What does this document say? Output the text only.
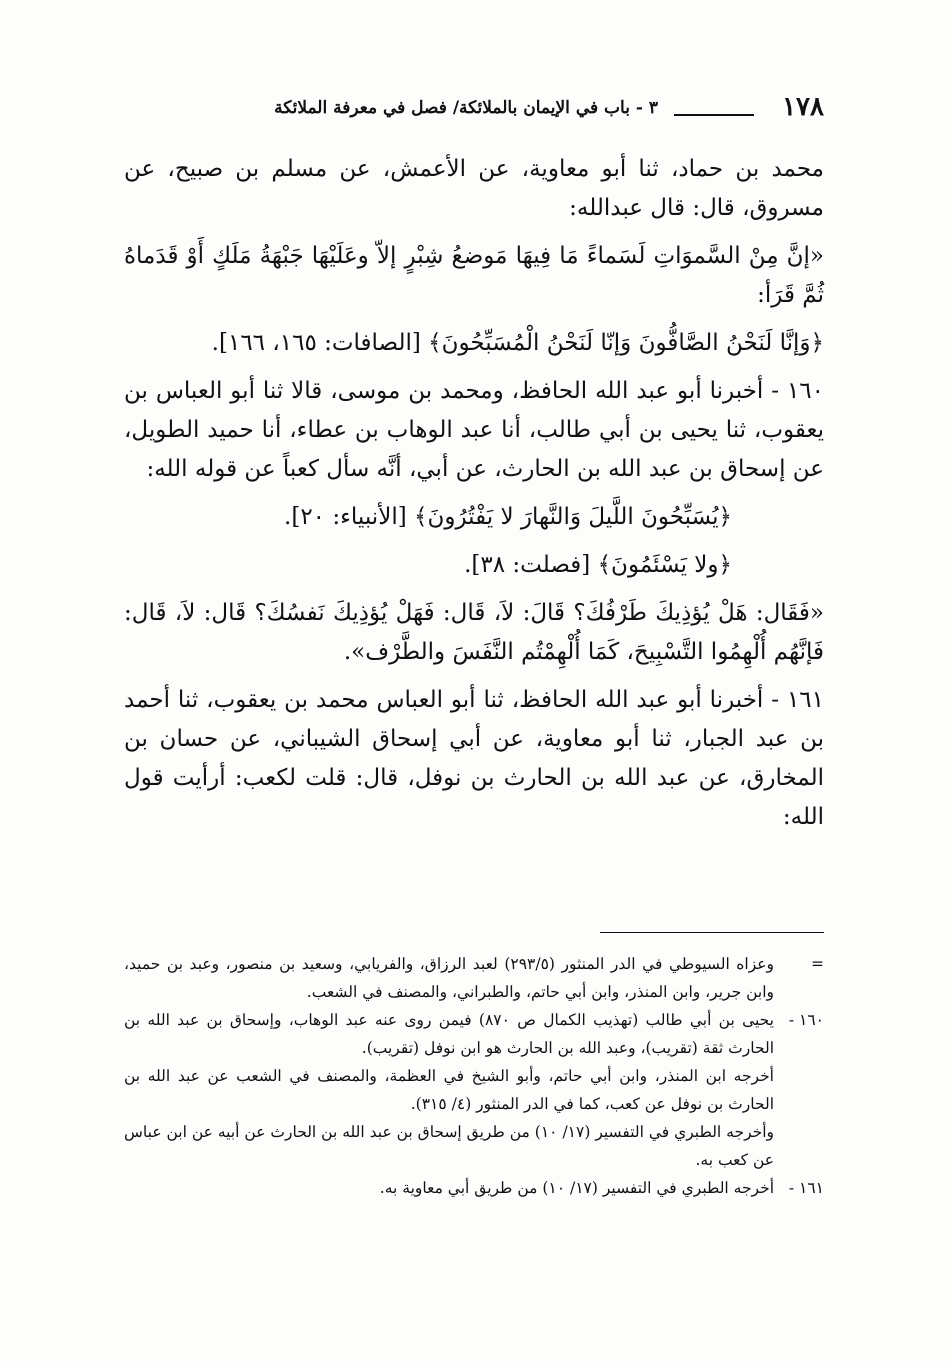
١٧٨
٣ - باب في الإيمان بالملائكة/ فصل في معرفة الملائكة

محمد بن حماد، ثنا أبو معاوية، عن الأعمش، عن مسلم بن صبيح، عن مسروق، قال: قال عبدالله:

«إنَّ مِنْ السَّموَاتِ لَسَماءً مَا فِيهَا مَوضعُ شِبْرٍ إلاّ وعَلَيْهَا جَبْهَةُ مَلَكٍ أَوْ قَدَماهُ ثُمَّ قَرَأ:

﴿وَإنَّا لَنَحْنُ الصَّافُّونَ وَإنّا لَنَحْنُ الْمُسَبِّحُونَ﴾ [الصافات: ١٦٥، ١٦٦].

١٦٠ - أخبرنا أبو عبد الله الحافظ، ومحمد بن موسى، قالا ثنا أبو العباس بن يعقوب، ثنا يحيى بن أبي طالب، أنا عبد الوهاب بن عطاء، أنا حميد الطويل، عن إسحاق بن عبد الله بن الحارث، عن أبي، أنَّه سأل كعباً عن قوله الله:

﴿يُسَبِّحُونَ اللَّيلَ وَالنَّهارَ لا يَفْتُرُونَ﴾ [الأنبياء: ٢٠].

﴿ولا يَسْئَمُونَ﴾ [فصلت: ٣٨].

«فَقَال: هَلْ يُؤذِيكَ طَرْفُكَ؟ قَالَ: لاَ، قَال: فَهَلْ يُؤذِيكَ نَفسُكَ؟ قَال: لاَ، قَال: فَإنَّهُم أُلْهِمُوا التَّسْبِيحَ، كَمَا أُلْهِمْتُم النَّفَسَ والطَّرْف».

١٦١ - أخبرنا أبو عبد الله الحافظ، ثنا أبو العباس محمد بن يعقوب، ثنا أحمد بن عبد الجبار، ثنا أبو معاوية، عن أبي إسحاق الشيباني، عن حسان بن المخارق، عن عبد الله بن الحارث بن نوفل، قال: قلت لكعب: أرأيت قول الله:

=

وعزاه السيوطي في الدر المنثور (٢٩٣/٥) لعبد الرزاق، والفريابي، وسعيد بن منصور، وعبد بن حميد، وابن جرير، وابن المنذر، وابن أبي حاتم، والطبراني، والمصنف في الشعب.

١٦٠ -

يحيى بن أبي طالب (تهذيب الكمال ص ٨٧٠) فيمن روى عنه عبد الوهاب، وإسحاق بن عبد الله بن الحارث ثقة (تقريب)، وعبد الله بن الحارث هو ابن نوفل (تقريب).

أخرجه ابن المنذر، وابن أبي حاتم، وأبو الشيخ في العظمة، والمصنف في الشعب عن عبد الله بن الحارث بن نوفل عن كعب، كما في الدر المنثور (٤/ ٣١٥).

وأخرجه الطبري في التفسير (١٧/ ١٠) من طريق إسحاق بن عبد الله بن الحارث عن أبيه عن ابن عباس عن كعب به.

١٦١ -

أخرجه الطبري في التفسير (١٧/ ١٠) من طريق أبي معاوية به.
